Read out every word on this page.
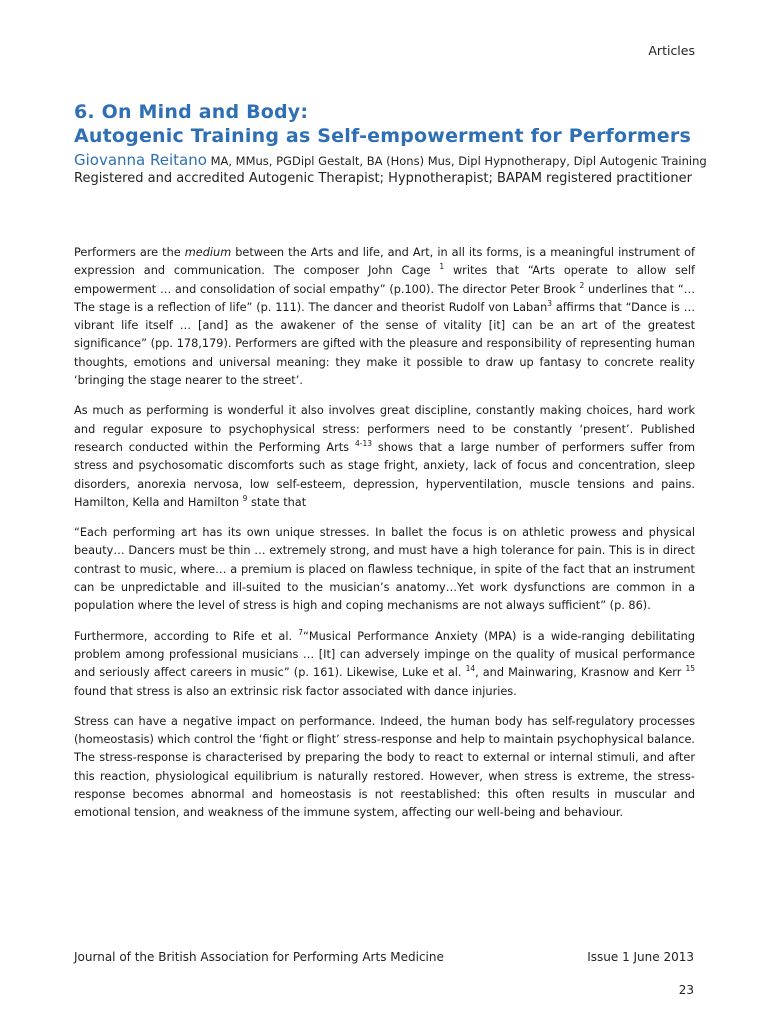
Articles
6. On Mind and Body:
Autogenic Training as Self-empowerment for Performers
Giovanna Reitano MA, MMus, PGDipl Gestalt, BA (Hons) Mus, Dipl Hypnotherapy, Dipl Autogenic Training
Registered and accredited Autogenic Therapist; Hypnotherapist; BAPAM registered practitioner

Performers are the medium between the Arts and life, and Art, in all its forms, is a meaningful instrument of expression and communication. The composer John Cage $^1$ writes that “Arts operate to allow self empowerment … and consolidation of social empathy” (p.100). The director Peter Brook $^2$ underlines that “…The stage is a reflection of life” (p. 111). The dancer and theorist Rudolf von Laban$^3$ affirms that “Dance is … vibrant life itself … [and] as the awakener of the sense of vitality [it] can be an art of the greatest significance” (pp. 178,179). Performers are gifted with the pleasure and responsibility of representing human thoughts, emotions and universal meaning: they make it possible to draw up fantasy to concrete reality ‘bringing the stage nearer to the street’.

As much as performing is wonderful it also involves great discipline, constantly making choices, hard work and regular exposure to psychophysical stress: performers need to be constantly ‘present’. Published research conducted within the Performing Arts $^{4-13}$ shows that a large number of performers suffer from stress and psychosomatic discomforts such as stage fright, anxiety, lack of focus and concentration, sleep disorders, anorexia nervosa, low self-esteem, depression, hyperventilation, muscle tensions and pains. Hamilton, Kella and Hamilton $^9$ state that

“Each performing art has its own unique stresses. In ballet the focus is on athletic prowess and physical beauty… Dancers must be thin … extremely strong, and must have a high tolerance for pain. This is in direct contrast to music, where… a premium is placed on flawless technique, in spite of the fact that an instrument can be unpredictable and ill-suited to the musician’s anatomy…Yet work dysfunctions are common in a population where the level of stress is high and coping mechanisms are not always sufficient” (p. 86).

Furthermore, according to Rife et al. $^7$“Musical Performance Anxiety (MPA) is a wide-ranging debilitating problem among professional musicians … [It] can adversely impinge on the quality of musical performance and seriously affect careers in music” (p. 161). Likewise, Luke et al. $^{14}$, and Mainwaring, Krasnow and Kerr $^{15}$ found that stress is also an extrinsic risk factor associated with dance injuries.

Stress can have a negative impact on performance. Indeed, the human body has self-regulatory processes (homeostasis) which control the ‘fight or flight’ stress-response and help to maintain psychophysical balance. The stress-response is characterised by preparing the body to react to external or internal stimuli, and after this reaction, physiological equilibrium is naturally restored. However, when stress is extreme, the stress-response becomes abnormal and homeostasis is not reestablished: this often results in muscular and emotional tension, and weakness of the immune system, affecting our well-being and behaviour.

Journal of the British Association for Performing Arts Medicine	Issue 1 June 2013
23
